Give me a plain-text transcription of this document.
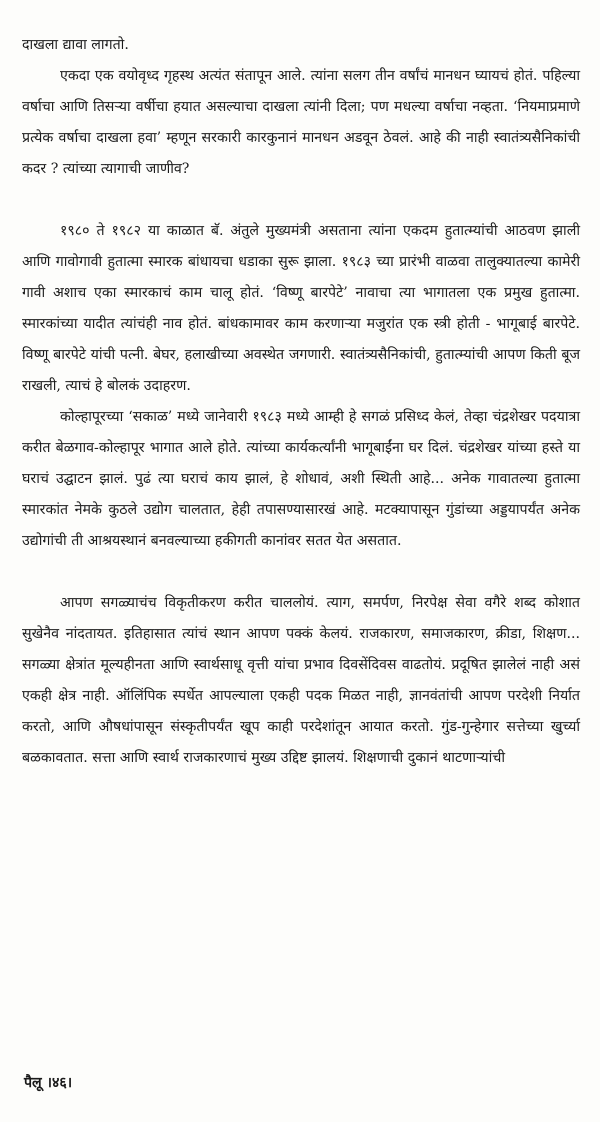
दाखला द्यावा लागतो.

एकदा एक वयोवृध्द गृहस्थ अत्यंत संतापून आले. त्यांना सलग तीन वर्षांचं मानधन घ्यायचं होतं. पहिल्या वर्षाचा आणि तिसऱ्या वर्षीचा हयात असल्याचा दाखला त्यांनी दिला; पण मधल्या वर्षाचा नव्हता. ‘नियमाप्रमाणे प्रत्येक वर्षाचा दाखला हवा’ म्हणून सरकारी कारकुनानं मानधन अडवून ठेवलं. आहे की नाही स्वातंत्र्यसैनिकांची कदर ? त्यांच्या त्यागाची जाणीव?

१९८० ते १९८२ या काळात बॅ. अंतुले मुख्यमंत्री असताना त्यांना एकदम हुतात्म्यांची आठवण झाली आणि गावोगावी हुतात्मा स्मारक बांधायचा धडाका सुरू झाला. १९८३ च्या प्रारंभी वाळवा तालुक्यातल्या कामेरी गावी अशाच एका स्मारकाचं काम चालू होतं. ‘विष्णू बारपेटे’ नावाचा त्या भागातला एक प्रमुख हुतात्मा. स्मारकांच्या यादीत त्यांचंही नाव होतं. बांधकामावर काम करणाऱ्या मजुरांत एक स्त्री होती - भागूबाई बारपेटे. विष्णू बारपेटे यांची पत्नी. बेघर, हलाखीच्या अवस्थेत जगणारी. स्वातंत्र्यसैनिकांची, हुतात्म्यांची आपण किती बूज राखली, त्याचं हे बोलकं उदाहरण.

कोल्हापूरच्या ‘सकाळ’ मध्ये जानेवारी १९८३ मध्ये आम्ही हे सगळं प्रसिध्द केलं, तेव्हा चंद्रशेखर पदयात्रा करीत बेळगाव-कोल्हापूर भागात आले होते. त्यांच्या कार्यकर्त्यांनी भागूबाईंना घर दिलं. चंद्रशेखर यांच्या हस्ते या घराचं उद्घाटन झालं. पुढं त्या घराचं काय झालं, हे शोधावं, अशी स्थिती आहे... अनेक गावातल्या हुतात्मा स्मारकांत नेमके कुठले उद्योग चालतात, हेही तपासण्यासारखं आहे. मटक्यापासून गुंडांच्या अड्डयापर्यंत अनेक उद्योगांची ती आश्रयस्थानं बनवल्याच्या हकीगती कानांवर सतत येत असतात.

आपण सगळ्याचंच विकृतीकरण करीत चाललोयं. त्याग, समर्पण, निरपेक्ष सेवा वगैरे शब्द कोशात सुखेनैव नांदतायत. इतिहासात त्यांचं स्थान आपण पक्कं केलयं. राजकारण, समाजकारण, क्रीडा, शिक्षण... सगळ्या क्षेत्रांत मूल्यहीनता आणि स्वार्थसाधू वृत्ती यांचा प्रभाव दिवसेंदिवस वाढतोयं. प्रदूषित झालेलं नाही असं एकही क्षेत्र नाही. ऑलिंपिक स्पर्धेत आपल्याला एकही पदक मिळत नाही, ज्ञानवंतांची आपण परदेशी निर्यात करतो, आणि औषधांपासून संस्कृतीपर्यंत खूप काही परदेशांतून आयात करतो. गुंड-गुन्हेगार सत्तेच्या खुर्च्या बळकावतात. सत्ता आणि स्वार्थ राजकारणाचं मुख्य उद्दिष्ट झालयं. शिक्षणाची दुकानं थाटणाऱ्यांची

पैलू ।४६।
